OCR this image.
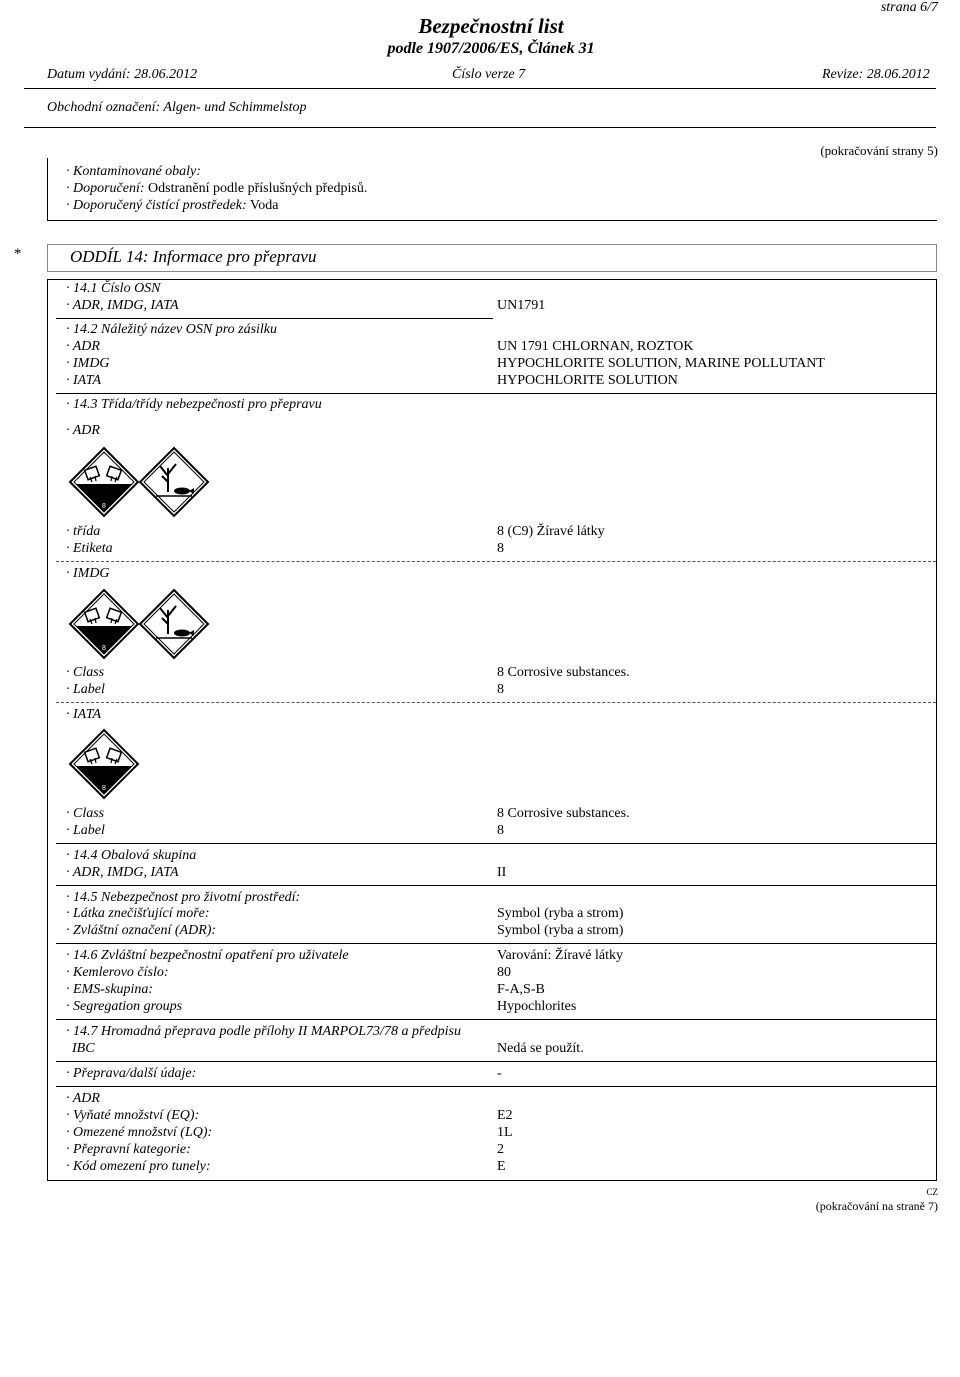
strana 6/7
Bezpečnostní list
podle 1907/2006/ES, Článek 31
Datum vydání: 28.06.2012	Číslo verze 7	Revize: 28.06.2012
Obchodní označení: Algen- und Schimmelstop
(pokračování strany 5)
· Kontaminované obaly:
· Doporučení: Odstranění podle příslušných předpisů.
· Doporučený čistící prostředek: Voda
*	ODDÍL 14: Informace pro přepravu
· 14.1 Číslo OSN
· ADR, IMDG, IATA	UN1791
· 14.2 Náležitý název OSN pro zásilku
· ADR	UN 1791 CHLORNAN, ROZTOK
· IMDG	HYPOCHLORITE SOLUTION, MARINE POLLUTANT
· IATA	HYPOCHLORITE SOLUTION
· 14.3 Třída/třídy nebezpečnosti pro přepravu
· ADR
8
· třída	8 (C9) Žíravé látky
· Etiketa	8
· IMDG
8
· Class	8 Corrosive substances.
· Label	8
· IATA
8
· Class	8 Corrosive substances.
· Label	8
· 14.4 Obalová skupina
· ADR, IMDG, IATA	II
· 14.5 Nebezpečnost pro životní prostředí:
· Látka znečišťující moře:	Symbol (ryba a strom)
· Zvláštní označení (ADR):	Symbol (ryba a strom)
· 14.6 Zvláštní bezpečnostní opatření pro uživatele	Varování: Žíravé látky
· Kemlerovo číslo:	80
· EMS-skupina:	F-A,S-B
· Segregation groups	Hypochlorites
· 14.7 Hromadná přeprava podle přílohy II MARPOL73/78 a předpisu
IBC	Nedá se použít.
· Přeprava/další údaje:	-
· ADR
· Vyňaté množství (EQ):	E2
· Omezené množství (LQ):	1L
· Přepravní kategorie:	2
· Kód omezení pro tunely:	E
CZ
(pokračování na straně 7)
